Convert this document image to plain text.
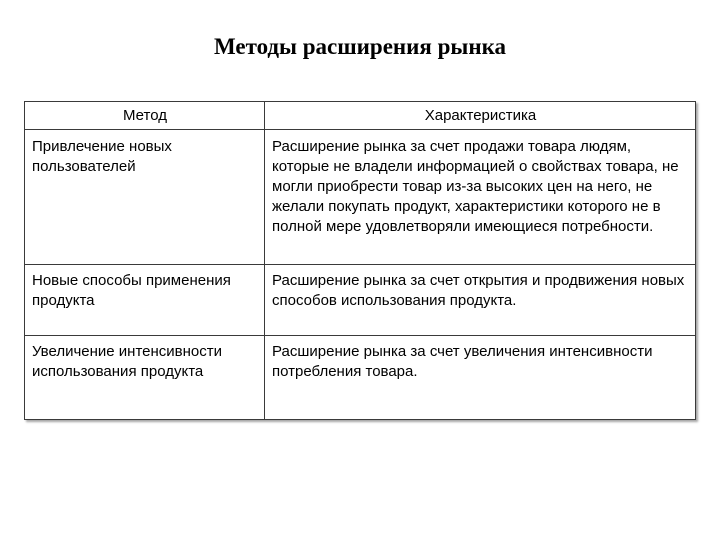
Методы расширения рынка
Метод	Характеристика
Привлечение новых пользователей	Расширение рынка за счет продажи товара людям, которые не владели информацией о свойствах товара, не могли приобрести товар из-за высоких цен на него, не желали покупать продукт, характеристики которого не в полной мере удовлетворяли имеющиеся потребности.
Новые способы применения продукта	Расширение рынка за счет открытия и продвижения новых способов использования продукта.
Увеличение интенсивности использования продукта	Расширение рынка за счет увеличения интенсивности потребления товара.
